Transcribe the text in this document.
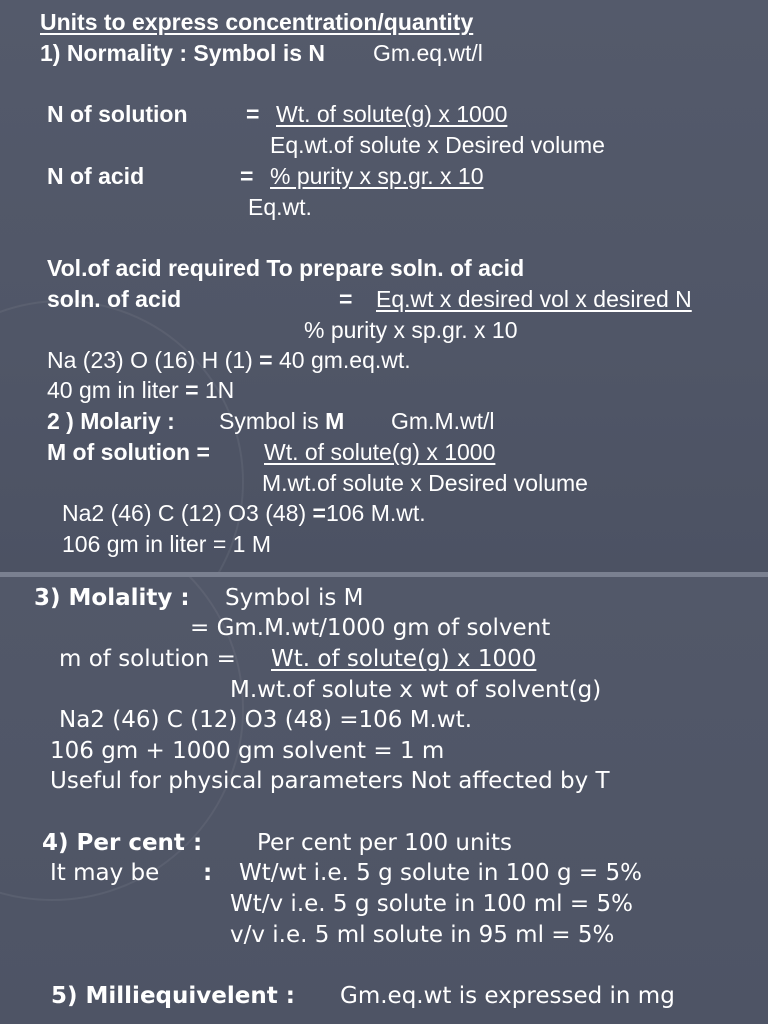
Units to express concentration/quantity
1) Normality : Symbol is N Gm.eq.wt/l
N of solution	= Wt. of solute(g) x 1000
Eq.wt.of solute x Desired volume
N of acid	= % purity x sp.gr. x 10
Eq.wt.
Vol.of acid required To prepare soln. of acid
soln. of acid	= Eq.wt x desired vol x desired N
% purity x sp.gr. x 10
Na (23) O (16) H (1) = 40 gm.eq.wt.
40 gm in liter = 1N
2 ) Molariy : Symbol is M Gm.M.wt/l
M of solution = Wt. of solute(g) x 1000
M.wt.of solute x Desired volume
Na2 (46) C (12) O3 (48) =106 M.wt.
106 gm in liter = 1 M
3) Molality : Symbol is M
= Gm.M.wt/1000 gm of solvent
m of solution = Wt. of solute(g) x 1000
M.wt.of solute x wt of solvent(g)
Na2 (46) C (12) O3 (48) =106 M.wt.
106 gm + 1000 gm solvent = 1 m
Useful for physical parameters Not affected by T
4) Per cent : Per cent per 100 units
It may be : Wt/wt i.e. 5 g solute in 100 g = 5%
Wt/v i.e. 5 g solute in 100 ml = 5%
v/v i.e. 5 ml solute in 95 ml = 5%
5) Milliequivelent : Gm.eq.wt is expressed in mg
